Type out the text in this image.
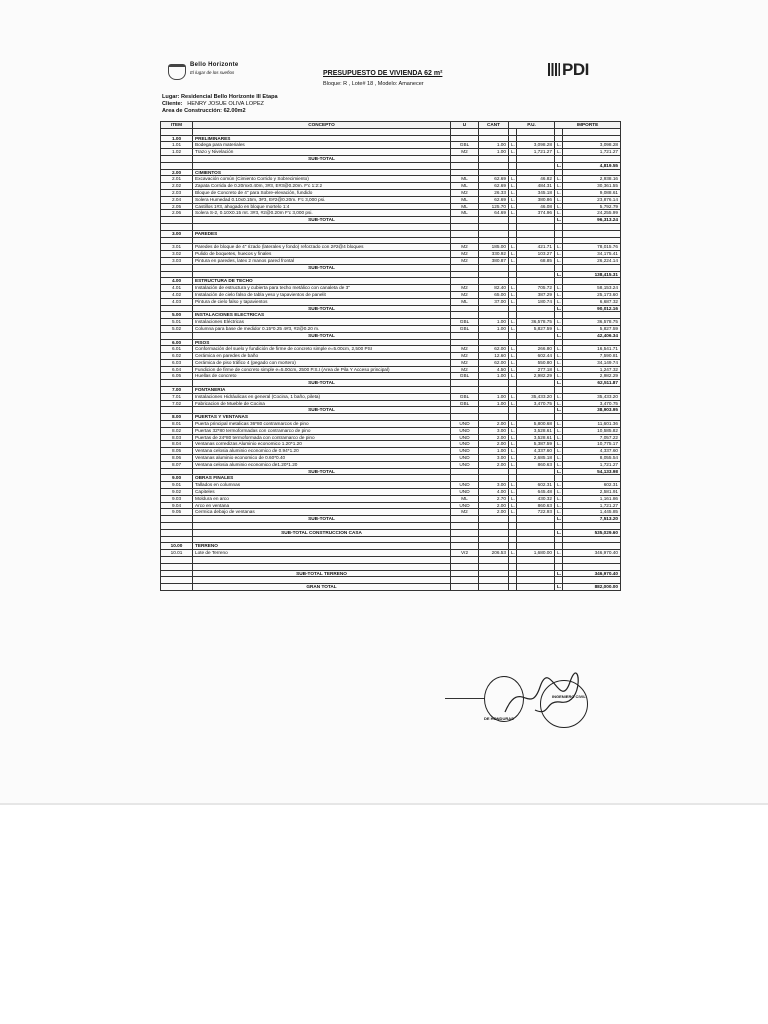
Bello Horizonte
El lugar de los sueños	PRESUPUESTO DE VIVIENDA 62 m²
Bloque: R , Lote# 18 , Modelo: Amanecer
PDI
Lugar: Residencial Bello Horizonte III Etapa
Cliente: HENRY JOSUE OLIVA LOPEZ
Area de Construcción: 62.00m2
ITEM	CONCEPTO	U	CANT	P.U.		IMPORTE	

1.00	PRELIMINARES						
1.01	Bodega para materiales	GBL	1.00	L.	3,098.28	L.	3,098.28
1.02	Trazo y Nivelación	M2	1.00	L.	1,721.27	L.	1,721.27
	SUB-TOTAL						
						L.	4,819.55
2.00	CIMIENTOS						
2.01	Excavación común (Cimiento Corrido y Sobrecimiento)	ML	62.69	L.	46.82	L.	2,938.16
2.02	Zapata Corrida de 0.20mx0.40m, 3#3, E#3@0.20m. F'c 1:2:2	ML	62.69	L.	484.31	L.	30,361.55
2.03	Bloque de Concreto de 4" para Sobre-elevación, fundido	M2	26.33	L.	345.18	L.	9,088.61
2.04	Solera Humedad 0.10x0.15m, 3#3, E#2@0.20m. F'c 3,000 psi.	ML	62.69	L.	380.86	L.	23,876.14
2.05	Castillos 1#3, ahogado en bloque mortelo 1:4	ML	125.70	L.	46.08	L.	5,792.79
2.06	Solera S-2, 0.10X0.15 mt. 3#3, #2@0.20m F'c 3,000 psi.	ML	64.69	L.	374.96	L.	24,255.99
	SUB-TOTAL					L.	96,313.24

3.00	PAREDES						

3.01	Paredes de bloque de 4" rizado (laterales y fondo) reforzado con 2#2@4 bloques	M2	185.00	L.	421.71	L.	78,015.76
3.02	Pulido de boquetes, huecos y finales	M2	330.92	L.	103.27	L.	34,175.41
3.03	Pintura en paredes, latex 2 manos pared frontal	M2	380.87	L.	68.85	L.	26,224.14
	SUB-TOTAL						
						L.	138,415.31
4.00	ESTRUCTURA DE TECHO						
4.01	Instalación de estructura y cubierta para techo metálico con canaleta de 3"	M2	82.40	L.	705.72	L.	58,153.24
4.02	Instalación de cielo falso de tabla yeso y tapavientos de panelit	M2	65.00	L.	387.29	L.	25,173.60
4.03	Pintura de cielo falso y tapavientos	ML	37.00	L.	180.74	L.	6,687.32
	SUB-TOTAL					L.	90,012.16
5.00	INSTALACIONES ELECTRICAS						
5.01	Instalaciones Eléctricas	GBL	1.00	L.	36,578.75	L.	36,578.75
5.02	Columna para base de medidor 0.15*0.25 4#3, #2@0.20 m.	GBL	1.00	L.	5,827.59	L.	5,827.59
	SUB-TOTAL					L.	42,406.34
6.00	PISOS						
6.01	Conformación del suelo y fundición de firme de concreto simple e=5.00cm, 2,500 PSI	M2	62.00	L.	266.80	L.	16,541.71
6.02	Cerámica en paredes de baño	M2	12.60	L.	602.44	L.	7,590.81
6.03	Cerámica de piso tráfico 4 (pegado con mortero)	M2	62.00	L.	550.80	L.	34,149.74
6.04	Fundicion de firme de concreto simple e=5.00cm, 2500 P.S.I (Area de Pila Y Acceso principal)	M2	4.50	L.	277.18	L.	1,247.32
6.05	Huellas de concreto	GBL	1.00	L.	2,982.29	L.	2,982.29
	SUB-TOTAL					L.	62,511.87
7.00	FONTANERIA						
7.01	Instalaciones Hidráulicas en general (Cocina, 1 baño, pileta)	GBL	1.00	L.	35,433.20	L.	35,433.20
7.02	Fabricacion de Mueble de Cocina	GBL	1.00	L.	3,470.75	L.	3,470.75
	SUB-TOTAL					L.	38,903.95
8.00	PUERTAS Y VENTANAS						
8.01	Puerta principal metalicas 36*80 contramarcos de pino	UND	2.00	L.	5,800.68	L.	11,601.36
8.02	Puertas 32*80 termoformadas con contramarco de pino	UND	3.00	L.	3,528.61	L.	10,585.82
8.03	Puertas de 24*80 termoformada con contramarco de pino	UND	2.00	L.	3,528.61	L.	7,057.22
8.04	Ventanas corredizas Aluminio economico 1.20*1.20	UND	2.00	L.	5,387.59	L.	10,775.17
8.05	Ventana celosia aluminio economico de 0.94*1.20	UND	1.00	L.	4,337.60	L.	4,337.60
8.06	Ventanas aluminio economico de 0.60*0.40	UND	3.00	L.	2,685.18	L.	8,055.54
8.07	Ventana celosia aluminio economico de1.20*1.20	UND	2.00	L.	860.63	L.	1,721.27
	SUB-TOTAL					L.	54,133.98
9.00	OBRAS FINALES						
9.01	Tallados en columnas	UND	3.00	L.	602.31	L.	602.31
9.02	Capiteles	UND	4.00	L.	645.48	L.	2,581.91
9.03	Moldura en arco	ML	2.70	L.	430.32	L.	1,161.86
9.04	Arco en ventana	UND	2.00	L.	860.63	L.	1,721.27
9.05	Cermica debajo de ventanas	M2	2.00	L.	722.93	L.	1,445.85
	SUB-TOTAL					L.	7,513.20

	SUB-TOTAL CONSTRUCCION CASA					L.	535,029.60

10.00	TERRENO						
10.01	Lote de Terreno	Vr2	206.53	L.	1,680.00	L.	346,970.40

	SUB-TOTAL TERRENO					L.	346,970.40

	GRAN TOTAL					L.	882,000.00
DE HONDURAS
INGENIERO CIVIL
